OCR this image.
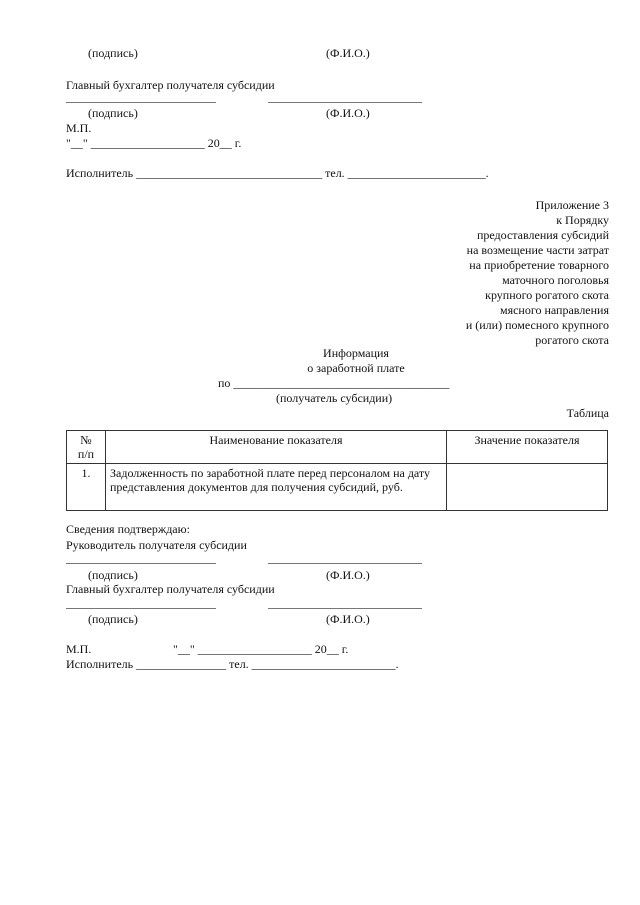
(подпись)	(Ф.И.О.)
Главный бухгалтер получателя субсидии
(подпись)	(Ф.И.О.)
М.П.
"__" ___________________ 20__ г.
Исполнитель _______________________________ тел. _______________________.
Приложение 3
к Порядку
предоставления субсидий
на возмещение части затрат
на приобретение товарного
маточного поголовья
крупного рогатого скота
мясного направления
и (или) помесного крупного
рогатого скота
Информация
о заработной плате
по ____________________________________
(получатель субсидии)
Таблица
№
п/п	Наименование показателя	Значение показателя
1.	Задолженность по заработной плате перед персоналом на дату представления документов для получения субсидий, руб.	
Сведения подтверждаю:
Руководитель получателя субсидии
(подпись)	(Ф.И.О.)
Главный бухгалтер получателя субсидии
(подпись)	(Ф.И.О.)
М.П.	"__" ___________________ 20__ г.
Исполнитель _______________ тел. ________________________.
